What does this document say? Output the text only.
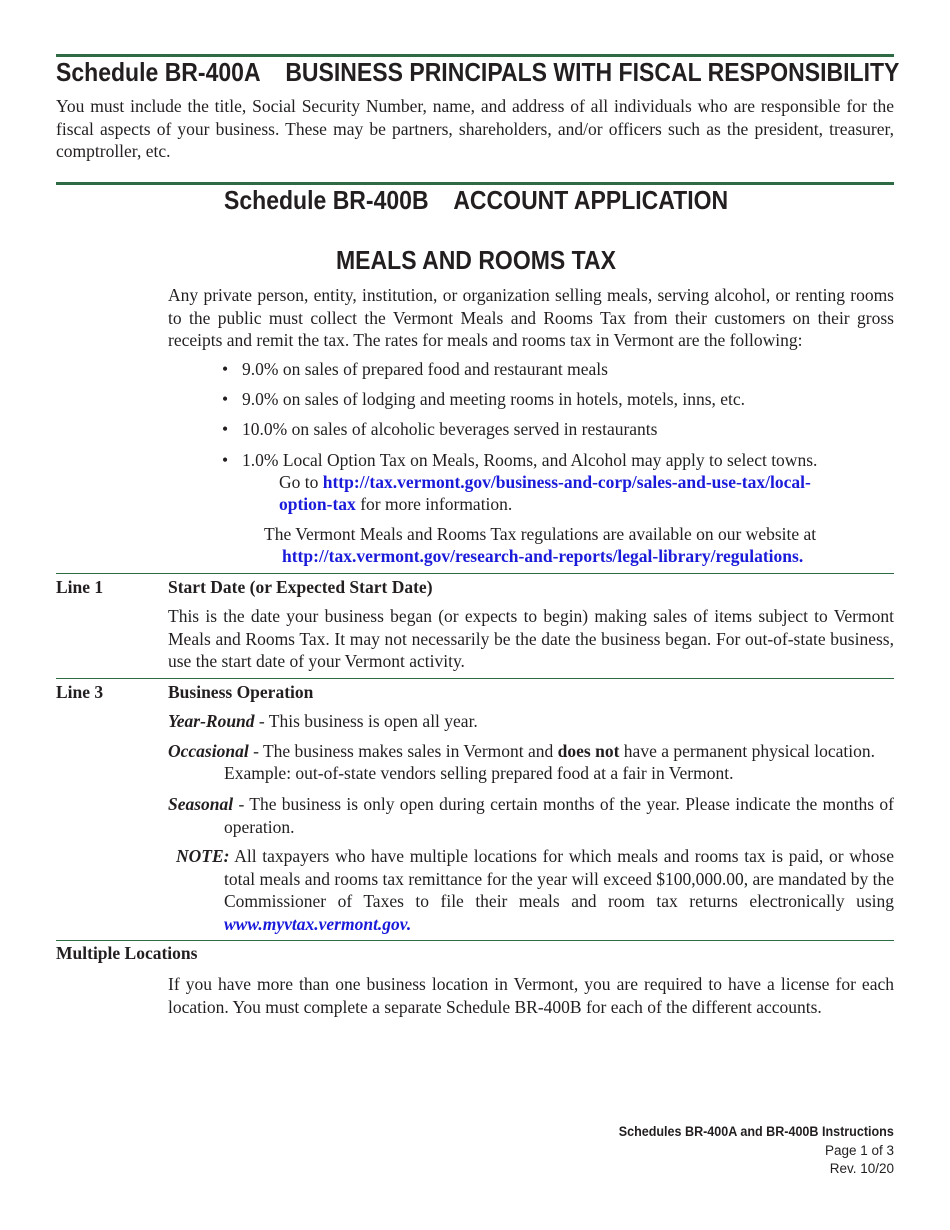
Schedule BR-400A    BUSINESS PRINCIPALS WITH FISCAL RESPONSIBILITY
You must include the title, Social Security Number, name, and address of all individuals who are responsible for the fiscal aspects of your business. These may be partners, shareholders, and/or officers such as the president, treasurer, comptroller, etc.
Schedule BR-400B    ACCOUNT APPLICATION
MEALS AND ROOMS TAX
Any private person, entity, institution, or organization selling meals, serving alcohol, or renting rooms to the public must collect the Vermont Meals and Rooms Tax from their customers on their gross receipts and remit the tax. The rates for meals and rooms tax in Vermont are the following:
• 9.0% on sales of prepared food and restaurant meals
• 9.0% on sales of lodging and meeting rooms in hotels, motels, inns, etc.
• 10.0% on sales of alcoholic beverages served in restaurants
• 1.0% Local Option Tax on Meals, Rooms, and Alcohol may apply to select towns.
Go to http://tax.vermont.gov/business-and-corp/sales-and-use-tax/local-
option-tax for more information.
The Vermont Meals and Rooms Tax regulations are available on our website at
http://tax.vermont.gov/research-and-reports/legal-library/regulations.
Line 1	Start Date (or Expected Start Date)
This is the date your business began (or expects to begin) making sales of items subject to Vermont Meals and Rooms Tax. It may not necessarily be the date the business began. For out-of-state business, use the start date of your Vermont activity.
Line 3	Business Operation
Year-Round - This business is open all year.
Occasional - The business makes sales in Vermont and does not have a permanent physical location.
Example: out-of-state vendors selling prepared food at a fair in Vermont.
Seasonal - The business is only open during certain months of the year. Please indicate the months of operation.
NOTE: All taxpayers who have multiple locations for which meals and rooms tax is paid, or whose total meals and rooms tax remittance for the year will exceed $100,000.00, are mandated by the Commissioner of Taxes to file their meals and room tax returns electronically using www.myvtax.vermont.gov.
Multiple Locations
If you have more than one business location in Vermont, you are required to have a license for each location. You must complete a separate Schedule BR-400B for each of the different accounts.
Schedules BR-400A and BR-400B Instructions
Page 1 of 3
Rev. 10/20
